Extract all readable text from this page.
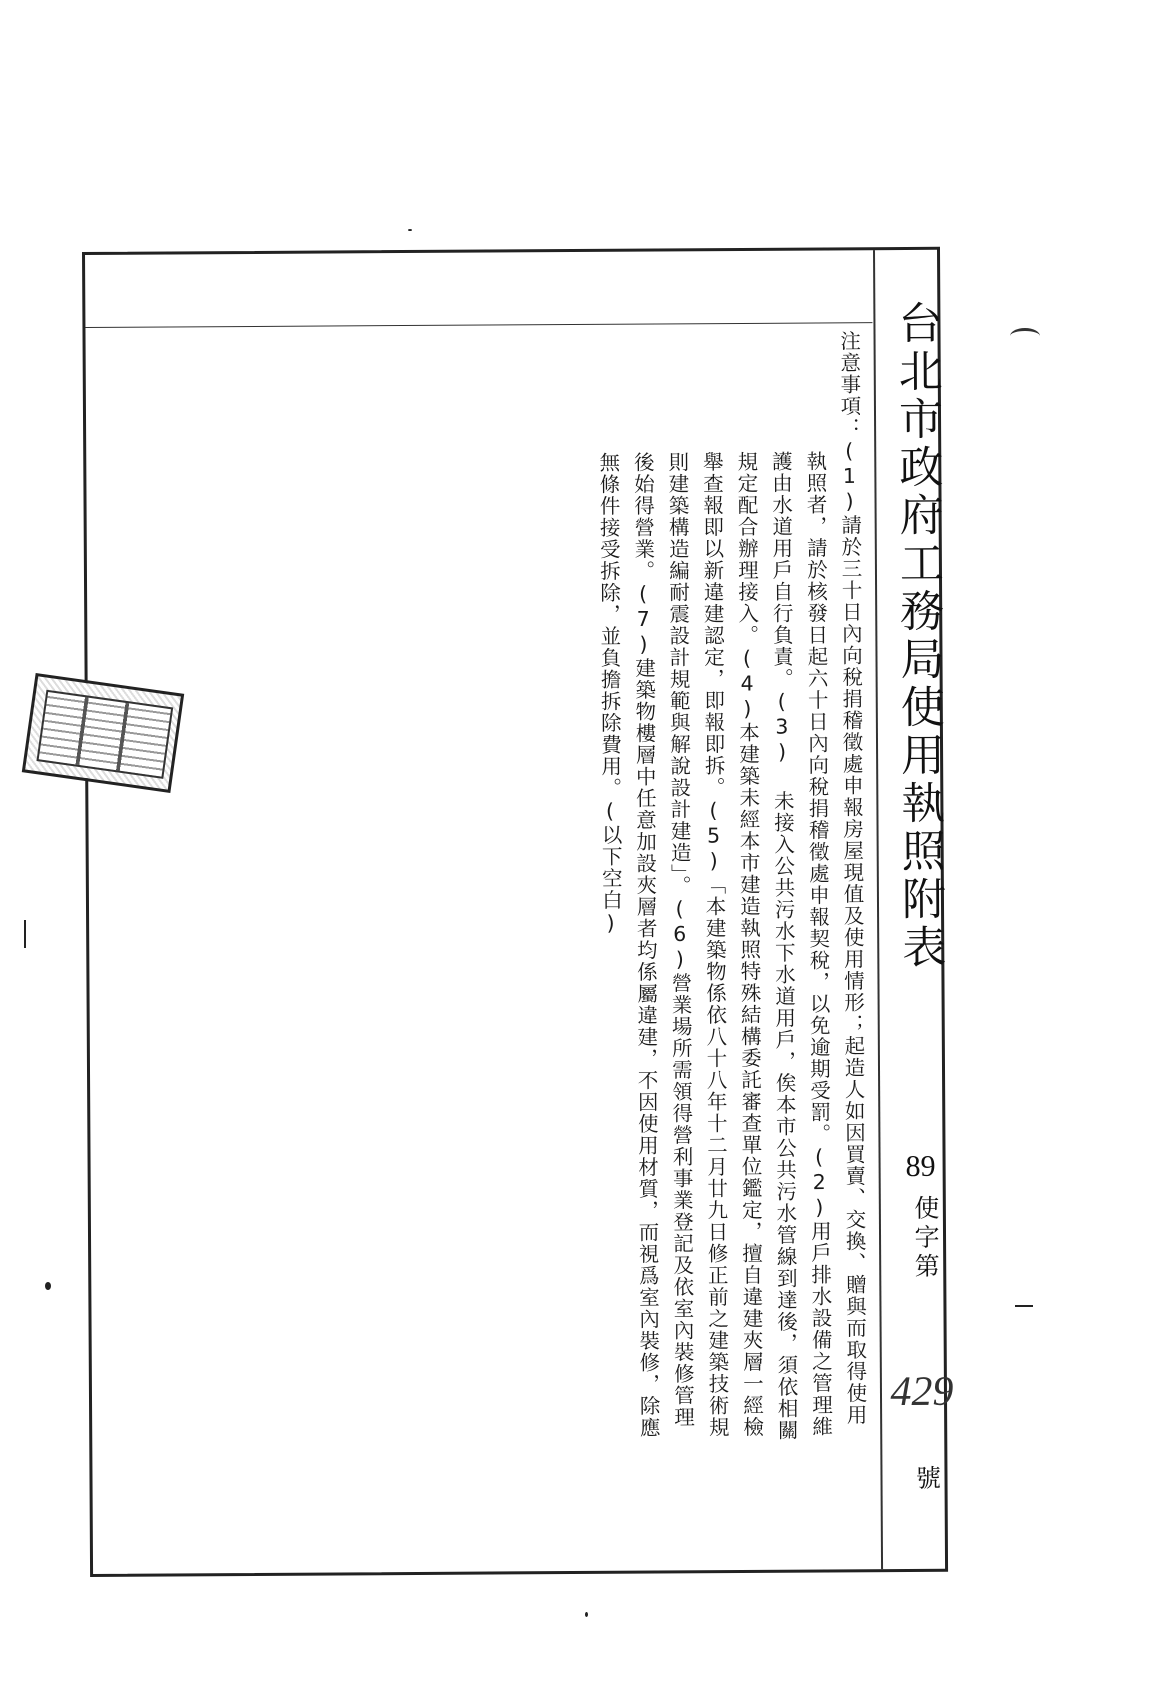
台北市政府工務局使用執照附表
89
使字第
429
號

注意事項：(1)請於三十日內向稅捐稽徵處申報房屋現值及使用情形；起造人如因買賣、交換、贈與而取得使用

執照者，請於核發日起六十日內向稅捐稽徵處申報契稅，以免逾期受罰。(2)用戶排水設備之管理維

護由水道用戶自行負責。(3) 未接入公共污水下水道用戶，俟本市公共污水管線到達後，須依相關

規定配合辦理接入。(4)本建築未經本市建造執照特殊結構委託審查單位鑑定，擅自違建夾層一經檢

舉查報即以新違建認定，即報即拆。(5)「本建築物係依八十八年十二月廿九日修正前之建築技術規

則建築構造編耐震設計規範與解說設計建造」。(6)營業場所需領得營利事業登記及依室內裝修管理

後始得營業。(7)建築物樓層中任意加設夾層者均係屬違建，不因使用材質，而視爲室內裝修，除應

無條件接受拆除，並負擔拆除費用。(以下空白)
